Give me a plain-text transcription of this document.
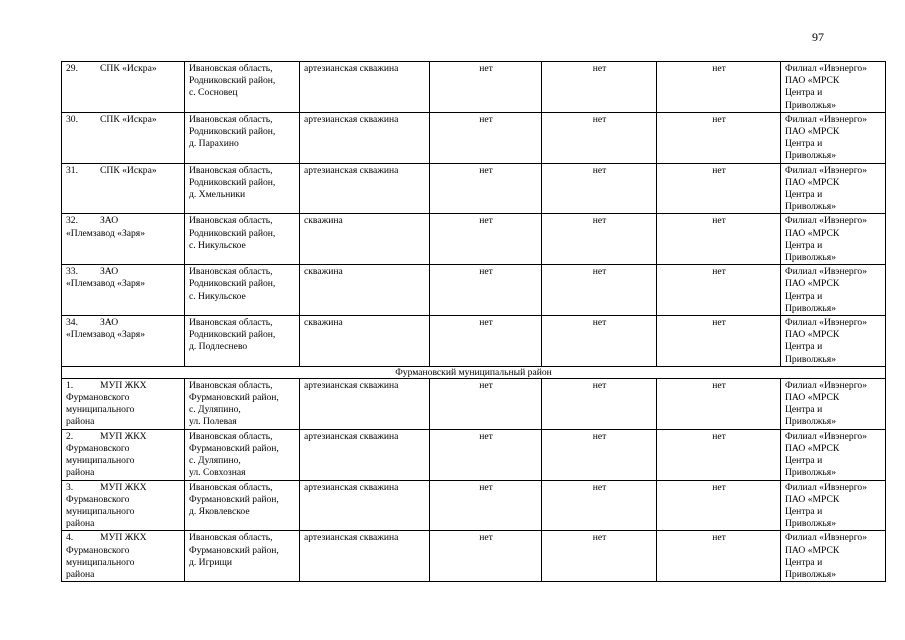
97
29. СПК «Искра»	Ивановская область,
Родниковский район,
с. Сосновец	артезианская скважина	нет	нет	нет	Филиал «Ивэнерго»
ПАО «МРСК
Центра и
Приволжья»

30. СПК «Искра»	Ивановская область,
Родниковский район,
д. Парахино	артезианская скважина	нет	нет	нет	Филиал «Ивэнерго»
ПАО «МРСК
Центра и
Приволжья»

31. СПК «Искра»	Ивановская область,
Родниковский район,
д. Хмельники	артезианская скважина	нет	нет	нет	Филиал «Ивэнерго»
ПАО «МРСК
Центра и
Приволжья»

32. ЗАО
«Племзавод «Заря»	Ивановская область,
Родниковский район,
с. Никульское	скважина	нет	нет	нет	Филиал «Ивэнерго»
ПАО «МРСК
Центра и
Приволжья»

33. ЗАО
«Племзавод «Заря»	Ивановская область,
Родниковский район,
с. Никульское	скважина	нет	нет	нет	Филиал «Ивэнерго»
ПАО «МРСК
Центра и
Приволжья»

34. ЗАО
«Племзавод «Заря»	Ивановская область,
Родниковский район,
д. Подлеснево	скважина	нет	нет	нет	Филиал «Ивэнерго»
ПАО «МРСК
Центра и
Приволжья»

Фурмановский муниципальный район						

1. МУП ЖКХ
Фурмановского
муниципального
района	Ивановская область,
Фурмановский район,
с. Дуляпино,
ул. Полевая	артезианская скважина	нет	нет	нет	Филиал «Ивэнерго»
ПАО «МРСК
Центра и
Приволжья»

2. МУП ЖКХ
Фурмановского
муниципального
района	Ивановская область,
Фурмановский район,
с. Дуляпино,
ул. Совхозная	артезианская скважина	нет	нет	нет	Филиал «Ивэнерго»
ПАО «МРСК
Центра и
Приволжья»

3. МУП ЖКХ
Фурмановского
муниципального
района	Ивановская область,
Фурмановский район,
д. Яковлевское	артезианская скважина	нет	нет	нет	Филиал «Ивэнерго»
ПАО «МРСК
Центра и
Приволжья»

4. МУП ЖКХ
Фурмановского
муниципального
района	Ивановская область,
Фурмановский район,
д. Игрищи	артезианская скважина	нет	нет	нет	Филиал «Ивэнерго»
ПАО «МРСК
Центра и
Приволжья»
